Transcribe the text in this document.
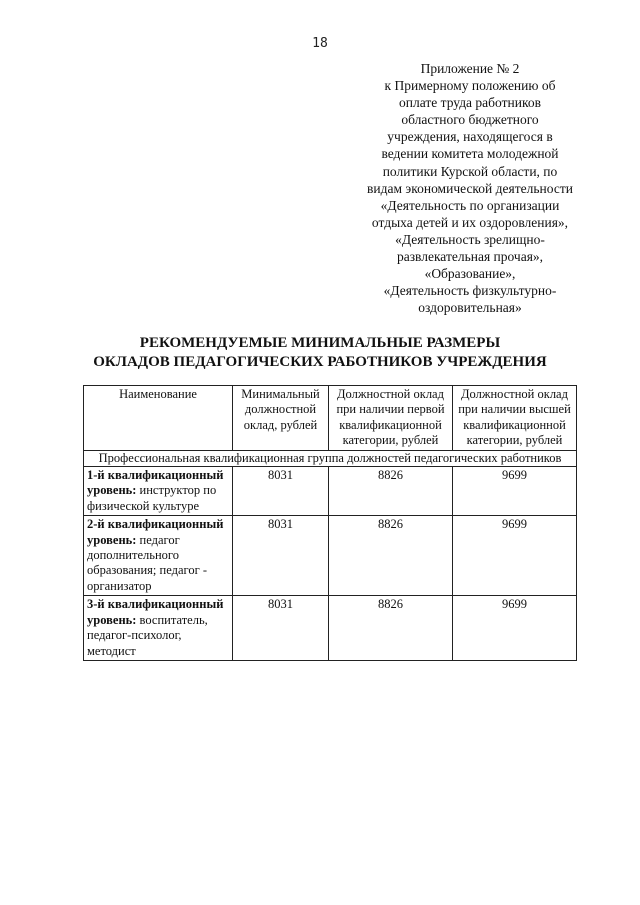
18
Приложение № 2
к Примерному положению об
оплате труда работников
областного бюджетного
учреждения, находящегося в
ведении комитета молодежной
политики Курской области, по
видам экономической деятельности
«Деятельность по организации
отдыха детей и их оздоровления»,
«Деятельность зрелищно-
развлекательная прочая»,
«Образование»,
«Деятельность физкультурно-
оздоровительная»
РЕКОМЕНДУЕМЫЕ МИНИМАЛЬНЫЕ РАЗМЕРЫ
ОКЛАДОВ ПЕДАГОГИЧЕСКИХ РАБОТНИКОВ УЧРЕЖДЕНИЯ
Наименование	Минимальный должностной оклад, рублей	Должностной оклад при наличии первой квалификационной категории, рублей	Должностной оклад при наличии высшей квалификационной категории, рублей
Профессиональная квалификационная группа должностей педагогических работников			
1-й квалификационный уровень: инструктор по физической культуре	8031	8826	9699
2-й квалификационный уровень: педагог дополнительного образования; педагог - организатор	8031	8826	9699
3-й квалификационный уровень: воспитатель, педагог-психолог, методист	8031	8826	9699
